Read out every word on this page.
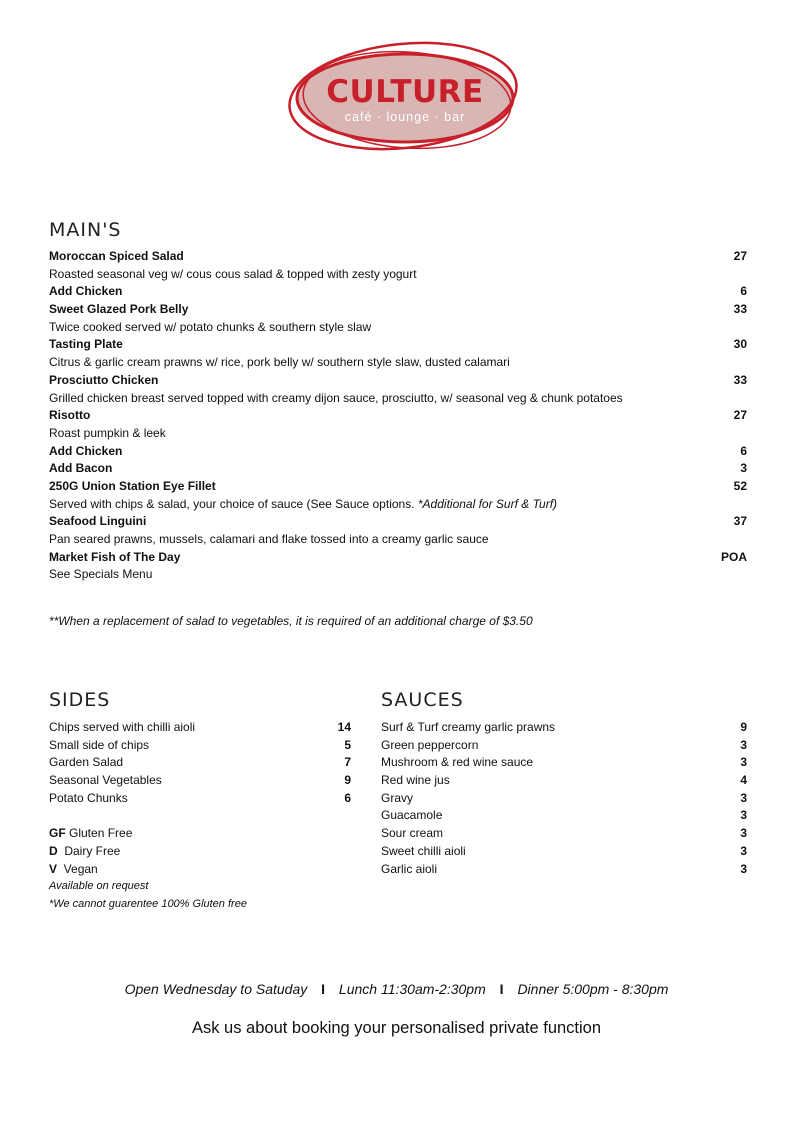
CULTURE
café · lounge · bar
MAIN'S
Moroccan Spiced Salad	27
Roasted seasonal veg w/ cous cous salad & topped with zesty yogurt
Add Chicken	6
Sweet Glazed Pork Belly	33
Twice cooked served w/ potato chunks & southern style slaw
Tasting Plate	30
Citrus & garlic cream prawns w/ rice, pork belly w/ southern style slaw, dusted calamari
Prosciutto Chicken	33
Grilled chicken breast served topped with creamy dijon sauce, prosciutto, w/ seasonal veg & chunk potatoes
Risotto	27
Roast pumpkin & leek
Add Chicken	6
Add Bacon	3
250G Union Station Eye Fillet	52
Served with chips & salad, your choice of sauce (See Sauce options. *Additional for Surf & Turf)
Seafood Linguini	37
Pan seared prawns, mussels, calamari and flake tossed into a creamy garlic sauce
Market Fish of The Day	POA
See Specials Menu
**When a replacement of salad to vegetables, it is required of an additional charge of $3.50
SIDES	SAUCES
Chips served with chilli aioli	14
Small side of chips	5
Garden Salad	7
Seasonal Vegetables	9
Potato Chunks	6
GF Gluten Free
D  Dairy Free
V  Vegan
Available on request
*We cannot guarentee 100% Gluten free
Surf & Turf creamy garlic prawns	9
Green peppercorn	3
Mushroom & red wine sauce	3
Red wine jus	4
Gravy	3
Guacamole	3
Sour cream	3
Sweet chilli aioli	3
Garlic aioli	3
Open Wednesday to Satuday I Lunch 11:30am-2:30pm I Dinner 5:00pm - 8:30pm
Ask us about booking your personalised private function
